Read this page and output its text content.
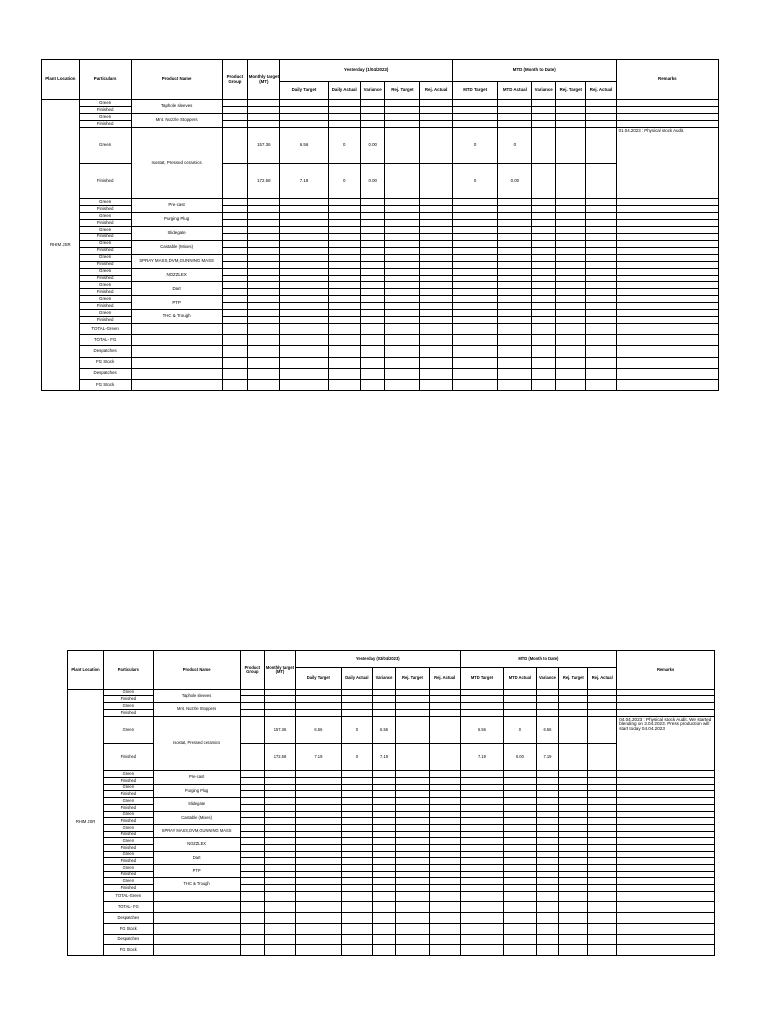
Plant Location	Particulars	Product Name	Product Group	Monthly target (MT)	Yesterday (1/04/2023)					MTD (Month to Date)					Remarks
					Daily Target	Daily Actual	Variance	Rej. Target	Rej. Actual	MTD Target	MTD Actual	Variance	Rej. Target	Rej. Actual	
RHIM JSR	Green	Taphole sleeves													
	Finished														
	Green	Mnt. Nozzle Stoppers													
	Finished														
	Green	Isostat, Pressed ceramics		157.36	6.56	0	0.00			0	0				01.04.2023 : Physical stock Audit.
	Finished			172.58	7.19	0	0.00			0	0.00				
	Green	Pre-cast													
	Finished														
	Green	Purging Plug													
	Finished														
	Green	Slidegate													
	Finished														
	Green	Castable (Mixes)													
	Finished														
	Green	SPRAY MASS,DVM,GUNNING MASS													
	Finished														
	Green	NOZZLEX													
	Finished														
	Green	Dart													
	Finished														
	Green	PTP													
	Finished														
	Green	THC & Trough													
	Finished														
	TOTAL-Green														
	TOTAL- FG														
	Despatches														
	FG Stock														
	Despatches														
	FG Stock														
Plant Location	Particulars	Product Name	Product Group	Monthly target (MT)	Yesterday (03/04/2023)					MTD (Month to Date)					Remarks
					Daily Target	Daily Actual	Variance	Rej. Target	Rej. Actual	MTD Target	MTD Actual	Variance	Rej. Target	Rej. Actual	
RHIM JSR	Green	Taphole sleeves													
	Finished														
	Green	Mnt. Nozzle Stoppers													
	Finished														
	Green	Isostat, Pressed ceramics		157.36	6.56	0	6.56			6.56	0	6.56			04.04.2023 : Physical stock Audit. We started blending on 3.04.2023. Press production will start today 04.04.2023
	Finished			172.58	7.19	0	7.19			7.19	0.00	7.19			
	Green	Pre-cast													
	Finished														
	Green	Purging Plug													
	Finished														
	Green	Slidegate													
	Finished														
	Green	Castable (Mixes)													
	Finished														
	Green	SPRAY MASS,DVM,GUNNING MASS													
	Finished														
	Green	NOZZLEX													
	Finished														
	Green	Dart													
	Finished														
	Green	PTP													
	Finished														
	Green	THC & Trough													
	Finished														
	TOTAL-Green														
	TOTAL- FG														
	Despatches														
	FG Stock														
	Despatches														
	FG Stock														
